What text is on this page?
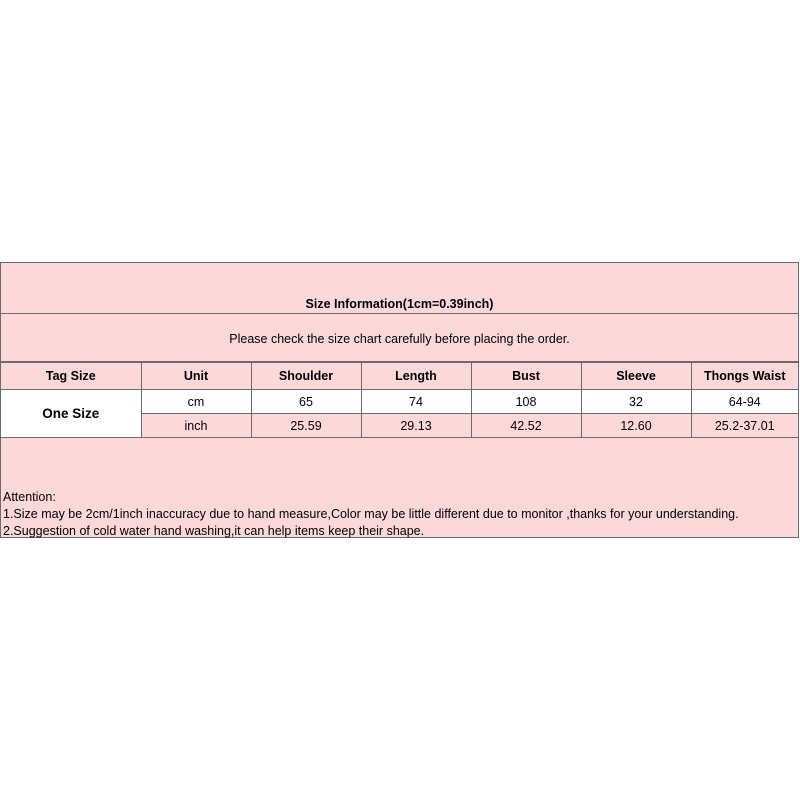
Size Information(1cm=0.39inch)
Please check the size chart carefully before placing the order.
Tag Size	Unit	Shoulder	Length	Bust	Sleeve	Thongs Waist
One Size	cm	65	74	108	32	64-94
	inch	25.59	29.13	42.52	12.60	25.2-37.01
Attention:
1.Size may be 2cm/1inch inaccuracy due to hand measure,Color may be little different due to monitor ,thanks for your understanding.
2.Suggestion of cold water hand washing,it can help items keep their shape.
